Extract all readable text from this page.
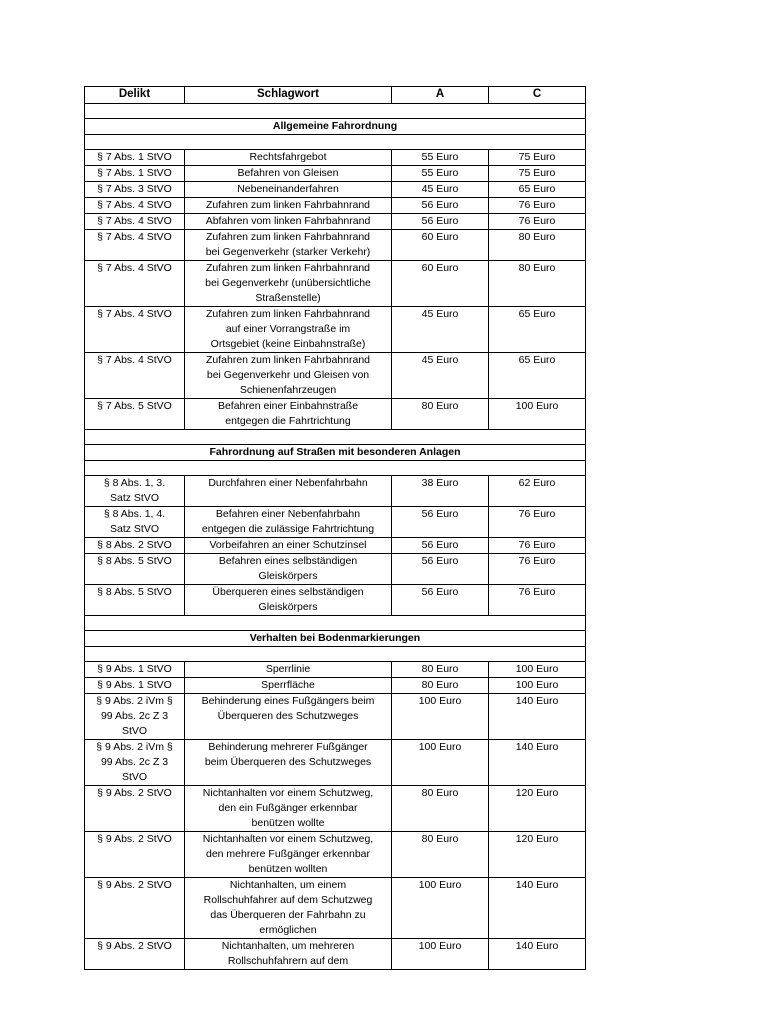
Delikt	Schlagwort	A	C

Allgemeine Fahrordnung			

§ 7 Abs. 1 StVO	Rechtsfahrgebot	55 Euro	75 Euro
§ 7 Abs. 1 StVO	Befahren von Gleisen	55 Euro	75 Euro
§ 7 Abs. 3 StVO	Nebeneinanderfahren	45 Euro	65 Euro
§ 7 Abs. 4 StVO	Zufahren zum linken Fahrbahnrand	56 Euro	76 Euro
§ 7 Abs. 4 StVO	Abfahren vom linken Fahrbahnrand	56 Euro	76 Euro
§ 7 Abs. 4 StVO	Zufahren zum linken Fahrbahnrand
bei Gegenverkehr (starker Verkehr)	60 Euro	80 Euro
§ 7 Abs. 4 StVO	Zufahren zum linken Fahrbahnrand
bei Gegenverkehr (unübersichtliche
Straßenstelle)	60 Euro	80 Euro
§ 7 Abs. 4 StVO	Zufahren zum linken Fahrbahnrand
auf einer Vorrangstraße im
Ortsgebiet (keine Einbahnstraße)	45 Euro	65 Euro
§ 7 Abs. 4 StVO	Zufahren zum linken Fahrbahnrand
bei Gegenverkehr und Gleisen von
Schienenfahrzeugen	45 Euro	65 Euro
§ 7 Abs. 5 StVO	Befahren einer Einbahnstraße
entgegen die Fahrtrichtung	80 Euro	100 Euro

Fahrordnung auf Straßen mit besonderen Anlagen			

§ 8 Abs. 1, 3.
Satz StVO	Durchfahren einer Nebenfahrbahn	38 Euro	62 Euro
§ 8 Abs. 1, 4.
Satz StVO	Befahren einer Nebenfahrbahn
entgegen die zulässige Fahrtrichtung	56 Euro	76 Euro
§ 8 Abs. 2 StVO	Vorbeifahren an einer Schutzinsel	56 Euro	76 Euro
§ 8 Abs. 5 StVO	Befahren eines selbständigen
Gleiskörpers	56 Euro	76 Euro
§ 8 Abs. 5 StVO	Überqueren eines selbständigen
Gleiskörpers	56 Euro	76 Euro

Verhalten bei Bodenmarkierungen			

§ 9 Abs. 1 StVO	Sperrlinie	80 Euro	100 Euro
§ 9 Abs. 1 StVO	Sperrfläche	80 Euro	100 Euro
§ 9 Abs. 2 iVm §
99 Abs. 2c Z 3
StVO	Behinderung eines Fußgängers beim
Überqueren des Schutzweges	100 Euro	140 Euro
§ 9 Abs. 2 iVm §
99 Abs. 2c Z 3
StVO	Behinderung mehrerer Fußgänger
beim Überqueren des Schutzweges	100 Euro	140 Euro
§ 9 Abs. 2 StVO	Nichtanhalten vor einem Schutzweg,
den ein Fußgänger erkennbar
benützen wollte	80 Euro	120 Euro
§ 9 Abs. 2 StVO	Nichtanhalten vor einem Schutzweg,
den mehrere Fußgänger erkennbar
benützen wollten	80 Euro	120 Euro
§ 9 Abs. 2 StVO	Nichtanhalten, um einem
Rollschuhfahrer auf dem Schutzweg
das Überqueren der Fahrbahn zu
ermöglichen	100 Euro	140 Euro
§ 9 Abs. 2 StVO	Nichtanhalten, um mehreren
Rollschuhfahrern auf dem	100 Euro	140 Euro
